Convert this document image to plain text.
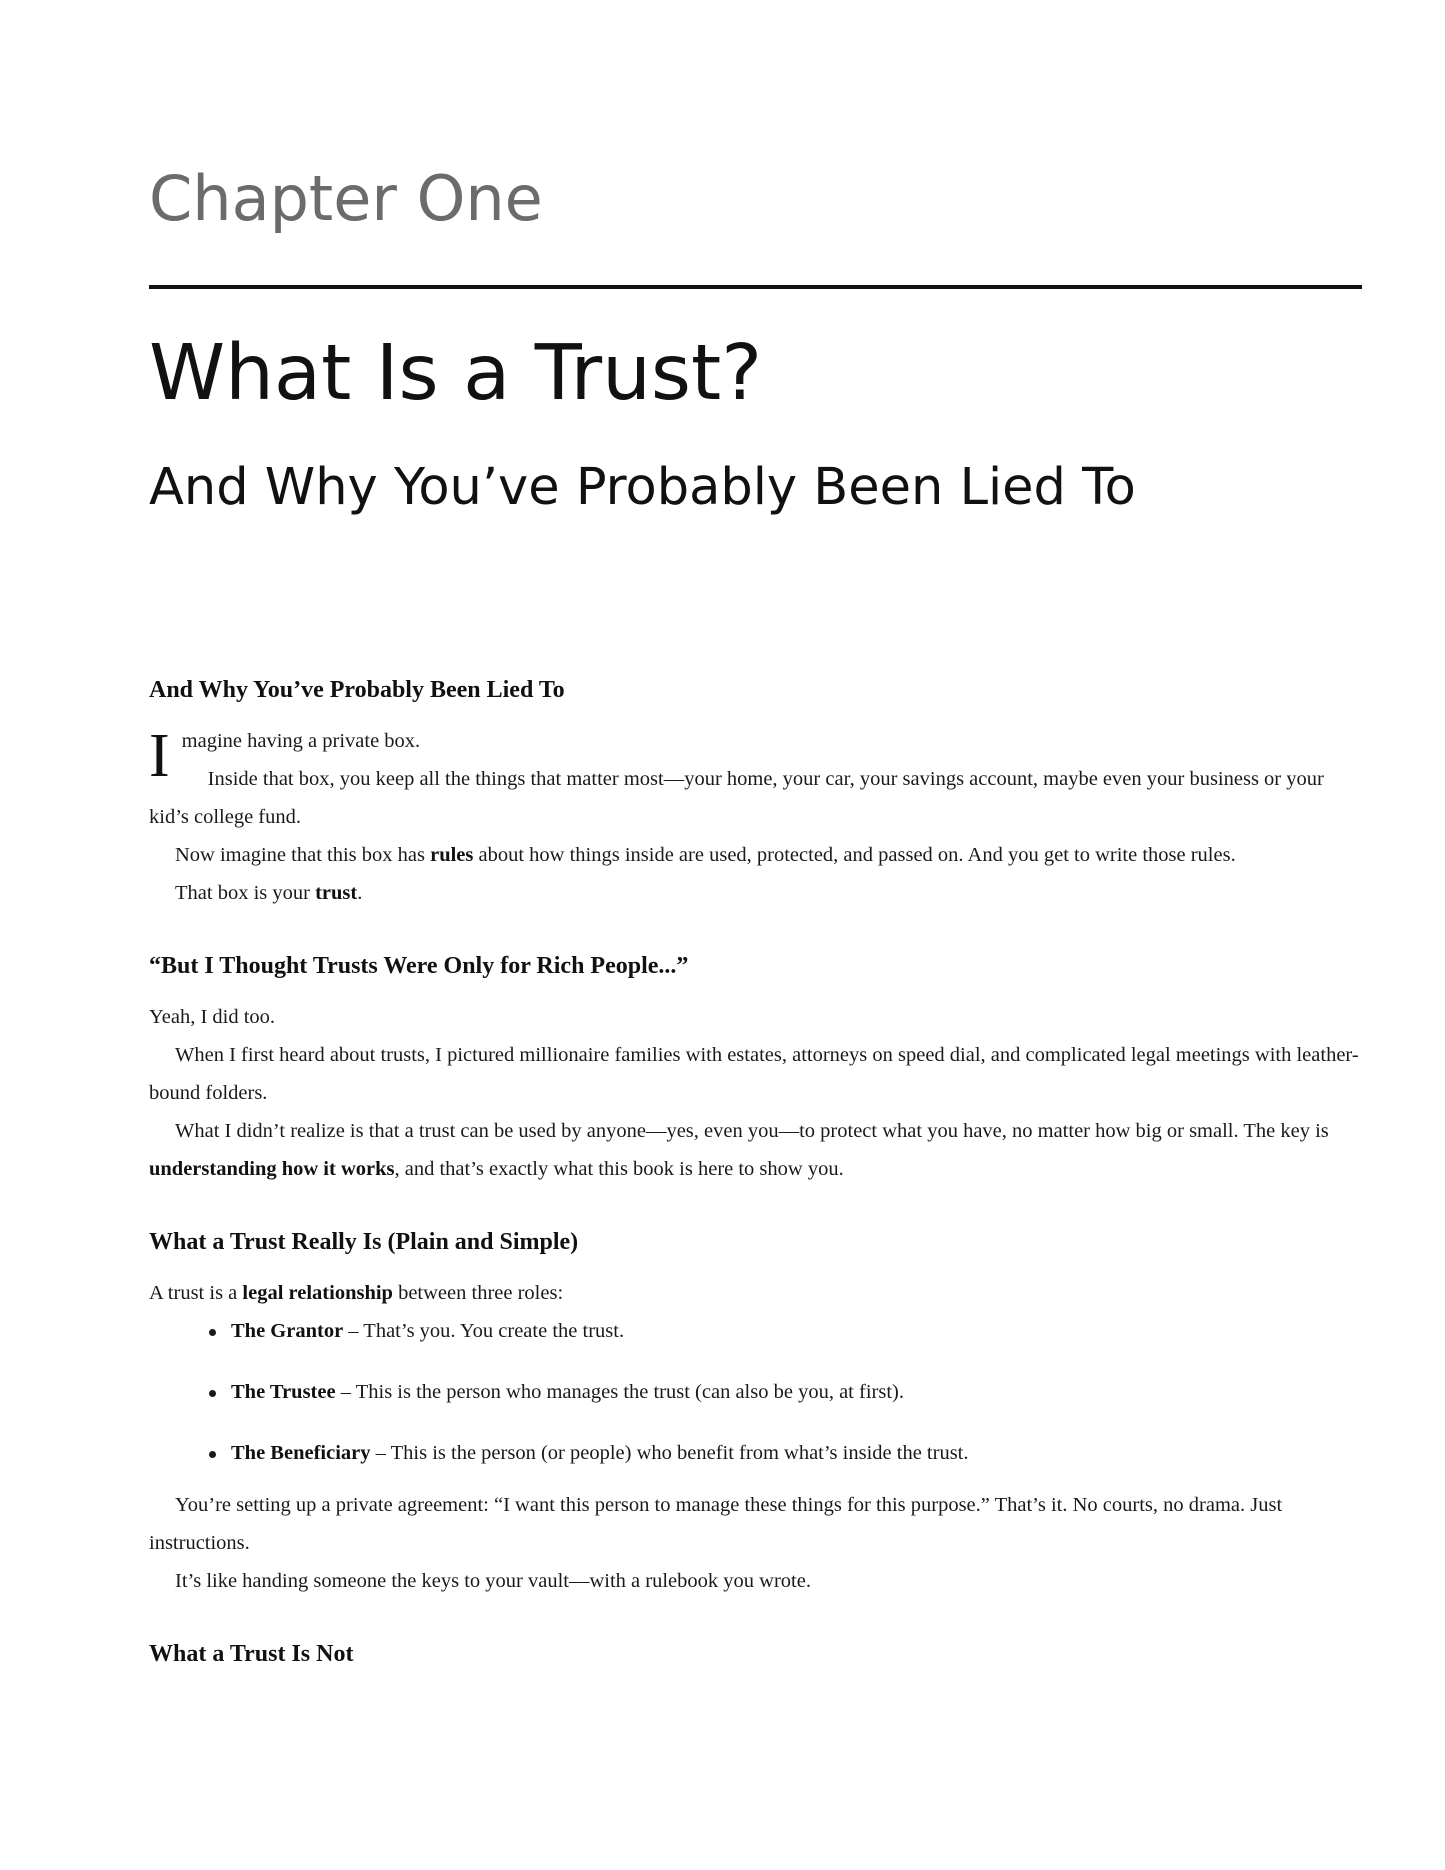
Chapter One
What Is a Trust?
And Why You’ve Probably Been Lied To
And Why You’ve Probably Been Lied To
I magine having a private box.

Inside that box, you keep all the things that matter most—your home, your car, your savings account, maybe even your business or your kid’s college fund.

Now imagine that this box has rules about how things inside are used, protected, and passed on. And you get to write those rules.

That box is your trust.

“But I Thought Trusts Were Only for Rich People...”

Yeah, I did too.

When I first heard about trusts, I pictured millionaire families with estates, attorneys on speed dial, and complicated legal meetings with leather-bound folders.

What I didn’t realize is that a trust can be used by anyone—yes, even you—to protect what you have, no matter how big or small. The key is understanding how it works, and that’s exactly what this book is here to show you.

What a Trust Really Is (Plain and Simple)

A trust is a legal relationship between three roles:

The Grantor – That’s you. You create the trust.
The Trustee – This is the person who manages the trust (can also be you, at first).
The Beneficiary – This is the person (or people) who benefit from what’s inside the trust.

You’re setting up a private agreement: “I want this person to manage these things for this purpose.” That’s it. No courts, no drama. Just instructions.

It’s like handing someone the keys to your vault—with a rulebook you wrote.

What a Trust Is Not
